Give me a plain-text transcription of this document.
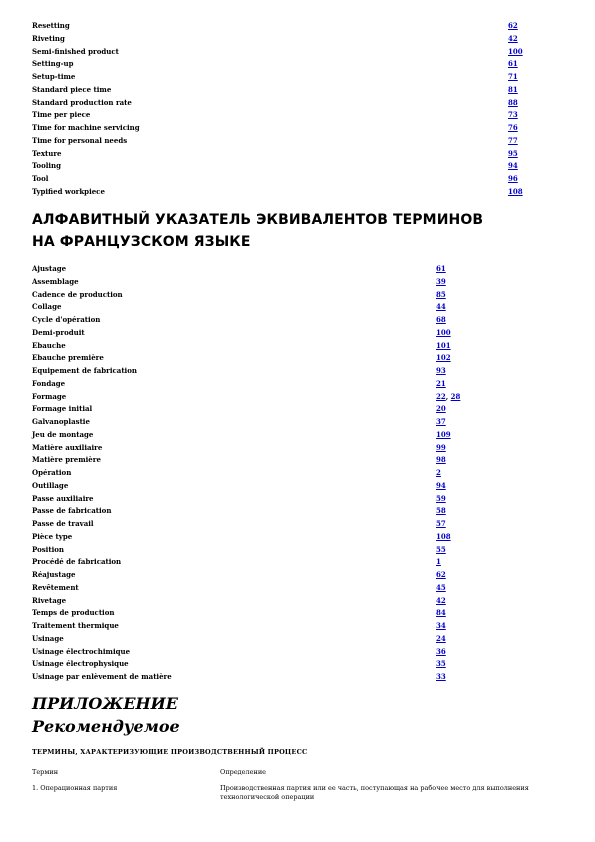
Resetting	62
Riveting	42
Semi-finished product	100
Setting-up	61
Setup-time	71
Standard piece time	81
Standard production rate	88
Time per piece	73
Time for machine servicing	76
Time for personal needs	77
Texture	95
Tooling	94
Tool	96
Typified workpiece	108
АЛФАВИТНЫЙ УКАЗАТЕЛЬ ЭКВИВАЛЕНТОВ ТЕРМИНОВ
НА ФРАНЦУЗСКОМ ЯЗЫКЕ
Ajustage	61
Assemblage	39
Cadence de production	85
Collage	44
Cycle d'opération	68
Demi-produit	100
Ebauche	101
Ebauche première	102
Equipement de fabrication	93
Fondage	21
Formage	22, 28
Formage initial	20
Galvanoplastie	37
Jeu de montage	109
Matière auxiliaire	99
Matière première	98
Opération	2
Outillage	94
Passe auxiliaire	59
Passe de fabrication	58
Passe de travail	57
Pièce type	108
Position	55
Procédé de fabrication	1
Réajustage	62
Revêtement	45
Rivetage	42
Temps de production	84
Traitement thermique	34
Usinage	24
Usinage électrochimique	36
Usinage électrophysique	35
Usinage par enlèvement de matière	33
ПРИЛОЖЕНИЕ
Рекомендуемое

ТЕРМИНЫ, ХАРАКТЕРИЗУЮЩИЕ ПРОИЗВОДСТВЕННЫЙ ПРОЦЕСС

Термин	Определение
1. Операционная партия	Производственная партия или ее часть, поступающая на рабочее место для выполнения технологической операции
